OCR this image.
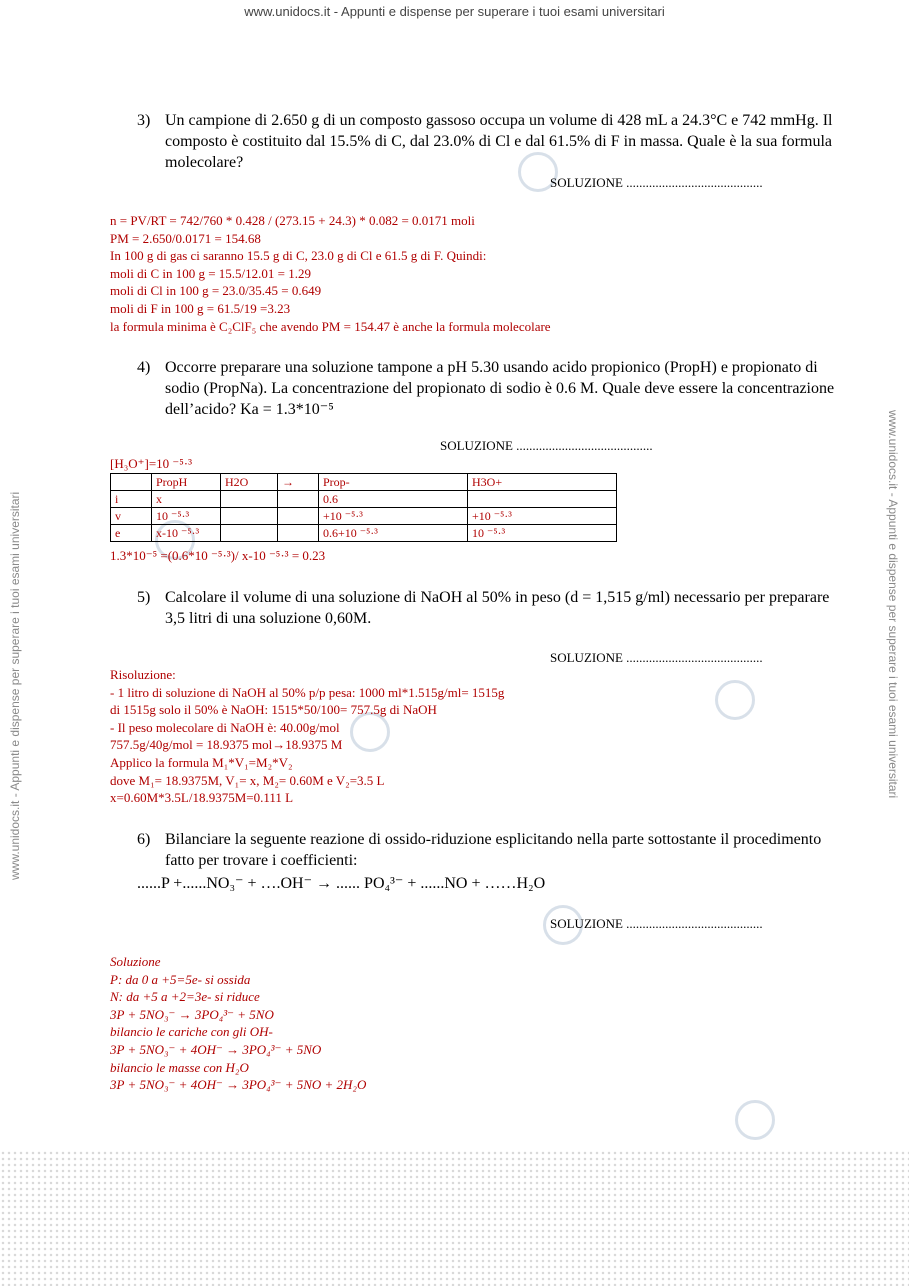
www.unidocs.it - Appunti e dispense per superare i tuoi esami universitari
www.unidocs.it - Appunti e dispense per superare i tuoi esami universitari	www.unidocs.it - Appunti e dispense per superare i tuoi esami universitari
3) Un campione di 2.650 g di un composto gassoso occupa un volume di 428 mL a 24.3°C e 742 mmHg. Il composto è costituito dal 15.5% di C, dal 23.0% di Cl e dal 61.5% di F in massa. Quale è la sua formula molecolare?
SOLUZIONE ..........................................
n = PV/RT = 742/760 * 0.428 / (273.15 + 24.3) * 0.082 = 0.0171 moli
PM = 2.650/0.0171 = 154.68
In 100 g di gas ci saranno 15.5 g di C, 23.0 g di Cl e 61.5 g di F. Quindi:
moli di C in 100 g = 15.5/12.01 = 1.29
moli di Cl in 100 g = 23.0/35.45 = 0.649
moli di F in 100 g = 61.5/19 =3.23
la formula minima è C₂ClF₅ che avendo PM = 154.47 è anche la formula molecolare
4) Occorre preparare una soluzione tampone a pH 5.30 usando acido propionico (PropH) e propionato di sodio (PropNa). La concentrazione del propionato di sodio è 0.6 M. Quale deve essere la concentrazione dell’acido? Ka = 1.3*10⁻⁵
SOLUZIONE ..........................................
[H₃O⁺]=10 ⁻⁵·³
	PropH	H2O	→	Prop-	H3O+
i	x			0.6	
v	10 ⁻⁵·³			+10 ⁻⁵·³	+10 ⁻⁵·³
e	x-10 ⁻⁵·³			0.6+10 ⁻⁵·³	10 ⁻⁵·³
1.3*10⁻⁵ =(0.6*10 ⁻⁵·³)/ x-10 ⁻⁵·³ = 0.23
5) Calcolare il volume di una soluzione di NaOH al 50% in peso (d = 1,515 g/ml) necessario per preparare 3,5 litri di una soluzione 0,60M.
SOLUZIONE ..........................................
Risoluzione:
- 1 litro di soluzione di NaOH al 50% p/p pesa: 1000 ml*1.515g/ml= 1515g
di 1515g solo il 50% è NaOH: 1515*50/100= 757.5g di NaOH
- Il peso molecolare di NaOH è: 40.00g/mol
757.5g/40g/mol = 18.9375 mol→18.9375 M
Applico la formula M₁*V₁=M₂*V₂
dove M₁= 18.9375M, V₁= x, M₂= 0.60M e V₂=3.5 L
x=0.60M*3.5L/18.9375M=0.111 L
6) Bilanciare la seguente reazione di ossido-riduzione esplicitando nella parte sottostante il procedimento fatto per trovare i coefficienti:
......P +......NO₃⁻ + ….OH⁻ → ...... PO₄³⁻ + ......NO + ……H₂O
SOLUZIONE ..........................................
Soluzione
P: da 0 a +5=5e- si ossida
N: da +5 a +2=3e- si riduce
3P + 5NO₃⁻ → 3PO₄³⁻ + 5NO
bilancio le cariche con gli OH-
3P + 5NO₃⁻ + 4OH⁻ → 3PO₄³⁻ + 5NO
bilancio le masse con H₂O
3P + 5NO₃⁻ + 4OH⁻ → 3PO₄³⁻ + 5NO + 2H₂O
